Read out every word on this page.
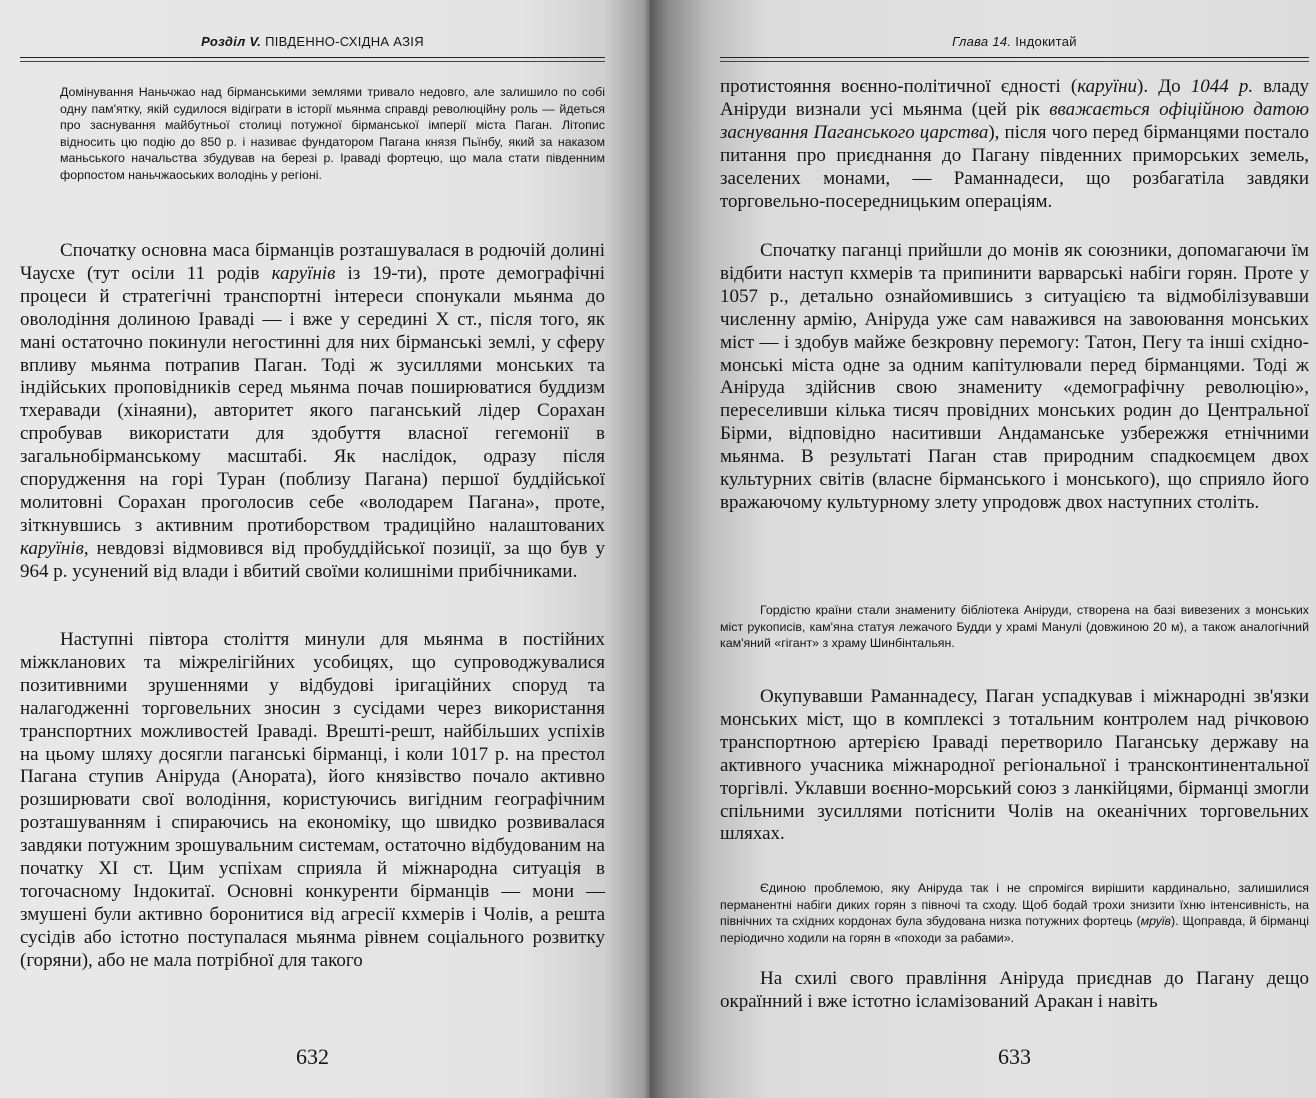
Розділ V. ПІВДЕННО-СХІДНА АЗІЯ

Домінування Наньчжао над бірманськими землями тривало недовго, але залишило по собі одну пам'ятку, якій судилося відіграти в історії мьянма справді революційну роль — йдеться про заснування майбутньої столиці потужної бірманської імперії міста Паган. Літопис відносить цю подію до 850 р. і називає фундатором Пагана князя Пьїнбу, який за наказом маньського начальства збудував на березі р. Іраваді фортецю, що мала стати південним форпостом наньчжаоських володінь у регіоні.

Спочатку основна маса бірманців розташувалася в родючій долині Чаусхе (тут осіли 11 родів каруїнів із 19-ти), проте демографічні процеси й стратегічні транспортні інтереси спонукали мьянма до оволодіння долиною Іраваді — і вже у середині X ст., після того, як мані остаточно покинули негостинні для них бірманські землі, у сферу впливу мьянма потрапив Паган. Тоді ж зусиллями монських та індійських проповідників серед мьянма почав поширюватися буддизм тхеравади (хінаяни), авторитет якого паганський лідер Сорахан спробував використати для здобуття власної гегемонії в загальнобірманському масштабі. Як наслідок, одразу після спорудження на горі Туран (поблизу Пагана) першої буддійської молитовні Сорахан проголосив себе «володарем Пагана», проте, зіткнувшись з активним протиборством традиційно налаштованих каруїнів, невдовзі відмовився від пробуддійської позиції, за що був у 964 р. усунений від влади і вбитий своїми колишніми прибічниками.

Наступні півтора століття минули для мьянма в постійних міжкланових та міжрелігійних усобицях, що супроводжувалися позитивними зрушеннями у відбудові іригаційних споруд та налагодженні торговельних зносин з сусідами через використання транспортних можливостей Іраваді. Врешті-решт, найбільших успіхів на цьому шляху досягли паганські бірманці, і коли 1017 р. на престол Пагана ступив Аніруда (Анората), його князівство почало активно розширювати свої володіння, користуючись вигідним географічним розташуванням і спираючись на економіку, що швидко розвивалася завдяки потужним зрошувальним системам, остаточно відбудованим на початку XI ст. Цим успіхам сприяла й міжнародна ситуація в тогочасному Індокитаї. Основні конкуренти бірманців — мони — змушені були активно боронитися від агресії кхмерів і Чолів, а решта сусідів або істотно поступалася мьянма рівнем соціального розвитку (горяни), або не мала потрібної для такого

632
Глава 14. Індокитай

протистояння воєнно-політичної єдності (каруїни). До 1044 р. владу Аніруди визнали усі мьянма (цей рік вважається офіційною датою заснування Паганського царства), після чого перед бірманцями постало питання про приєднання до Пагану південних приморських земель, заселених монами, — Раманнадеси, що розбагатіла завдяки торговельно-посередницьким операціям.

Спочатку паганці прийшли до монів як союзники, допомагаючи їм відбити наступ кхмерів та припинити варварські набіги горян. Проте у 1057 р., детально ознайомившись з ситуацією та відмобілізувавши численну армію, Аніруда уже сам наважився на завоювання монських міст — і здобув майже безкровну перемогу: Татон, Пегу та інші східно-монські міста одне за одним капітулювали перед бірманцями. Тоді ж Аніруда здійснив свою знамениту «демографічну революцію», переселивши кілька тисяч провідних монських родин до Центральної Бірми, відповідно наситивши Андаманське узбережжя етнічними мьянма. В результаті Паган став природним спадкоємцем двох культурних світів (власне бірманського і монського), що сприяло його вражаючому культурному злету упродовж двох наступних століть.

Гордістю країни стали знамениту бібліотека Аніруди, створена на базі вивезених з монських міст рукописів, кам'яна статуя лежачого Будди у храмі Манулі (довжиною 20 м), а також аналогічний кам'яний «гігант» з храму Шинбінтальян.

Окупувавши Раманнадесу, Паган успадкував і міжнародні зв'язки монських міст, що в комплексі з тотальним контролем над річковою транспортною артерією Іраваді перетворило Паганську державу на активного учасника міжнародної регіональної і трансконтинентальної торгівлі. Уклавши воєнно-морський союз з ланкійцями, бірманці змогли спільними зусиллями потіснити Чолів на океанічних торговельних шляхах.

Єдиною проблемою, яку Аніруда так і не спромігся вирішити кардинально, залишилися перманентні набіги диких горян з півночі та сходу. Щоб бодай трохи знизити їхню інтенсивність, на північних та східних кордонах була збудована низка потужних фортець (мруїв). Щоправда, й бірманці періодично ходили на горян в «походи за рабами».

На схилі свого правління Аніруда приєднав до Пагану дещо окраїнний і вже істотно ісламізований Аракан і навіть

633
